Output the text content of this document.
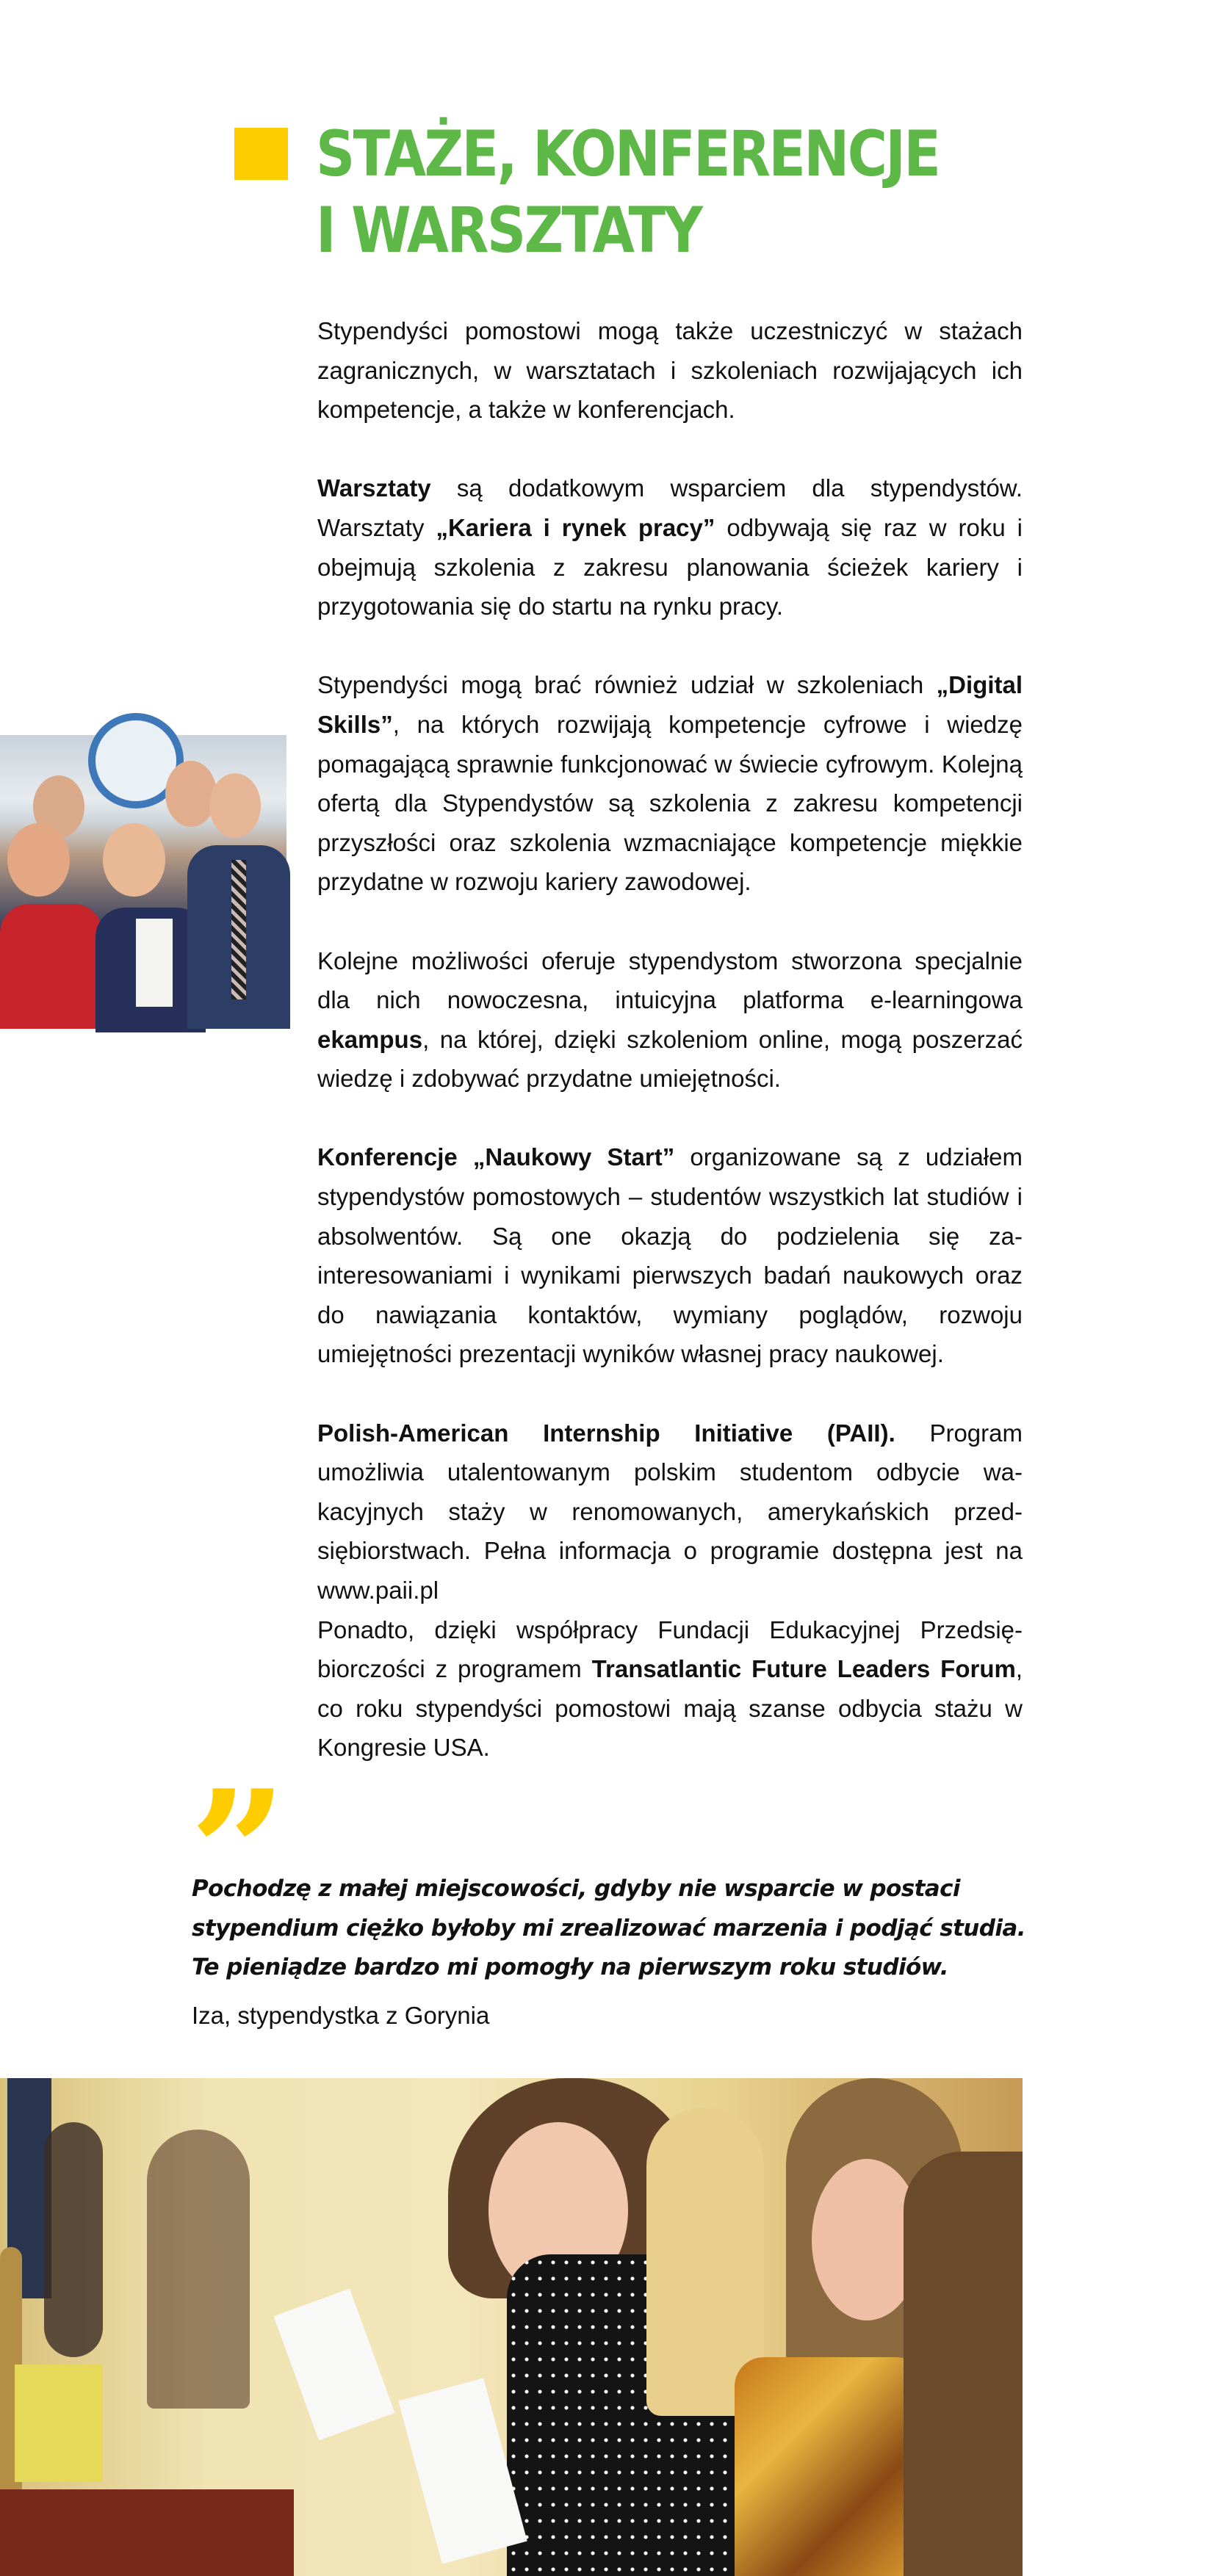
STAŻE, KONFERENCJE
I WARSZTATY

Stypendyści pomostowi mogą także uczestniczyć w stażach zagranicznych, w warsztatach i szkoleniach rozwijających ich kompetencje, a także w konferencjach.

Warsztaty są dodatkowym wsparciem dla stypendystów. Warsztaty „Kariera i rynek pracy” odbywają się raz w roku i obejmują szkolenia z zakresu planowania ścieżek kariery i przygotowania się do startu na rynku pracy.

Stypendyści mogą brać również udział w szkoleniach „Digital Skills”, na których rozwijają kompetencje cyfrowe i wiedzę pomagającą sprawnie funkcjonować w świecie cyfrowym. Kolejną ofertą dla Stypendystów są szkolenia z zakresu kompetencji przyszłości oraz szkolenia wzmacniające kompetencje miękkie przydatne w rozwoju kariery zawodowej.

Kolejne możliwości oferuje stypendystom stworzona specjalnie dla nich nowoczesna, intuicyjna platforma e-learningowa ekampus, na której, dzięki szkoleniom online, mogą poszerzać wiedzę i zdobywać przydatne umiejętności.

Konferencje „Naukowy Start” organizowane są z udziałem stypendystów pomostowych – studentów wszystkich lat studiów i absolwentów. Są one okazją do podzielenia się zainteresowaniami i wynikami pierwszych badań naukowych oraz do nawiązania kontaktów, wymiany poglądów, rozwoju umiejętności prezentacji wyników własnej pracy naukowej.

Polish-American Internship Initiative (PAII). Program umożliwia utalentowanym polskim studentom odbycie wakacyjnych staży w renomowanych, amerykańskich przedsiębiorstwach. Pełna informacja o programie dostępna jest na www.paii.pl

Ponadto, dzięki współpracy Fundacji Edukacyjnej Przedsiębiorczości z programem Transatlantic Future Leaders Forum, co roku stypendyści pomostowi mają szanse odbycia stażu w Kongresie USA.

”
Pochodzę z małej miejscowości, gdyby nie wsparcie w postaci
stypendium ciężko byłoby mi zrealizować marzenia i podjąć studia.
Te pieniądze bardzo mi pomogły na pierwszym roku studiów.
Iza, stypendystka z Gorynia
